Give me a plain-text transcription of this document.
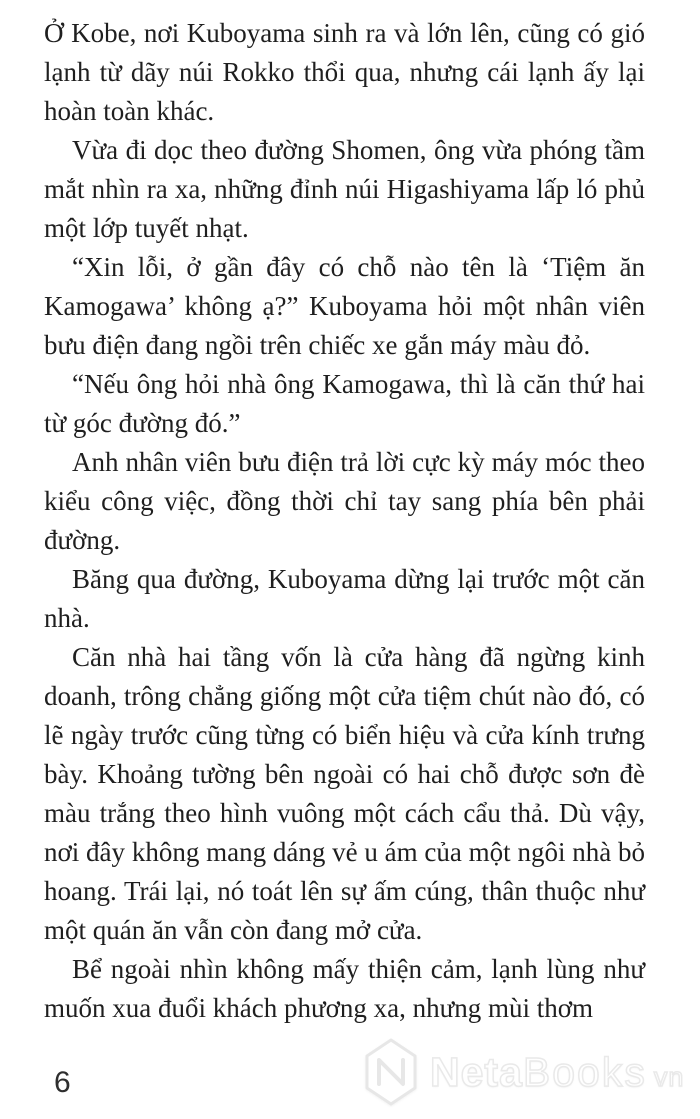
Ở Kobe, nơi Kuboyama sinh ra và lớn lên, cũng có gió lạnh từ dãy núi Rokko thổi qua, nhưng cái lạnh ấy lại hoàn toàn khác.

Vừa đi dọc theo đường Shomen, ông vừa phóng tầm mắt nhìn ra xa, những đỉnh núi Higashiyama lấp ló phủ một lớp tuyết nhạt.

“Xin lỗi, ở gần đây có chỗ nào tên là ‘Tiệm ăn Kamogawa’ không ạ?” Kuboyama hỏi một nhân viên bưu điện đang ngồi trên chiếc xe gắn máy màu đỏ.

“Nếu ông hỏi nhà ông Kamogawa, thì là căn thứ hai từ góc đường đó.”

Anh nhân viên bưu điện trả lời cực kỳ máy móc theo kiểu công việc, đồng thời chỉ tay sang phía bên phải đường.

Băng qua đường, Kuboyama dừng lại trước một căn nhà.

Căn nhà hai tầng vốn là cửa hàng đã ngừng kinh doanh, trông chẳng giống một cửa tiệm chút nào đó, có lẽ ngày trước cũng từng có biển hiệu và cửa kính trưng bày. Khoảng tường bên ngoài có hai chỗ được sơn đè màu trắng theo hình vuông một cách cẩu thả. Dù vậy, nơi đây không mang dáng vẻ u ám của một ngôi nhà bỏ hoang. Trái lại, nó toát lên sự ấm cúng, thân thuộc như một quán ăn vẫn còn đang mở cửa.

Bể ngoài nhìn không mấy thiện cảm, lạnh lùng như muốn xua đuổi khách phương xa, nhưng mùi thơm

6	Neta Books vn
